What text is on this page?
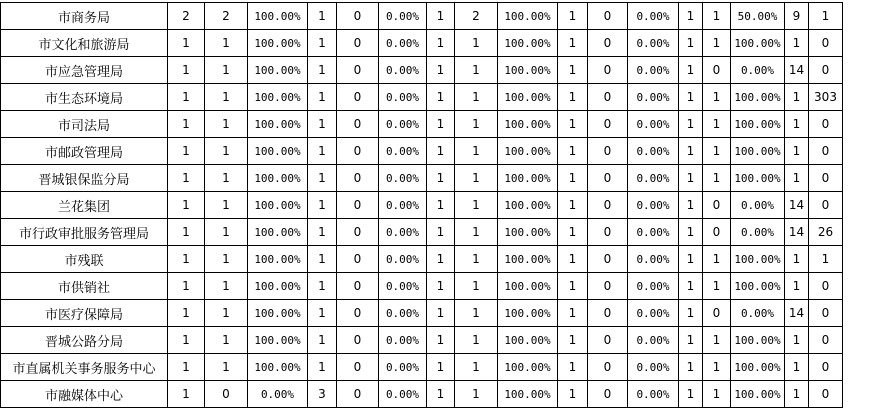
市商务局	2	2	100.00%	1	0	0.00%	1	2	100.00%	1	0	0.00%	1	1	50.00%	9	1
市文化和旅游局	1	1	100.00%	1	0	0.00%	1	1	100.00%	1	0	0.00%	1	1	100.00%	1	0
市应急管理局	1	1	100.00%	1	0	0.00%	1	1	100.00%	1	0	0.00%	1	0	0.00%	14	0
市生态环境局	1	1	100.00%	1	0	0.00%	1	1	100.00%	1	0	0.00%	1	1	100.00%	1	303
市司法局	1	1	100.00%	1	0	0.00%	1	1	100.00%	1	0	0.00%	1	1	100.00%	1	0
市邮政管理局	1	1	100.00%	1	0	0.00%	1	1	100.00%	1	0	0.00%	1	1	100.00%	1	0
晋城银保监分局	1	1	100.00%	1	0	0.00%	1	1	100.00%	1	0	0.00%	1	1	100.00%	1	0
兰花集团	1	1	100.00%	1	0	0.00%	1	1	100.00%	1	0	0.00%	1	0	0.00%	14	0
市行政审批服务管理局	1	1	100.00%	1	0	0.00%	1	1	100.00%	1	0	0.00%	1	0	0.00%	14	26
市残联	1	1	100.00%	1	0	0.00%	1	1	100.00%	1	0	0.00%	1	1	100.00%	1	1
市供销社	1	1	100.00%	1	0	0.00%	1	1	100.00%	1	0	0.00%	1	1	100.00%	1	0
市医疗保障局	1	1	100.00%	1	0	0.00%	1	1	100.00%	1	0	0.00%	1	0	0.00%	14	0
晋城公路分局	1	1	100.00%	1	0	0.00%	1	1	100.00%	1	0	0.00%	1	1	100.00%	1	0
市直属机关事务服务中心	1	1	100.00%	1	0	0.00%	1	1	100.00%	1	0	0.00%	1	1	100.00%	1	0
市融媒体中心	1	0	0.00%	3	0	0.00%	1	1	100.00%	1	0	0.00%	1	1	100.00%	1	0
